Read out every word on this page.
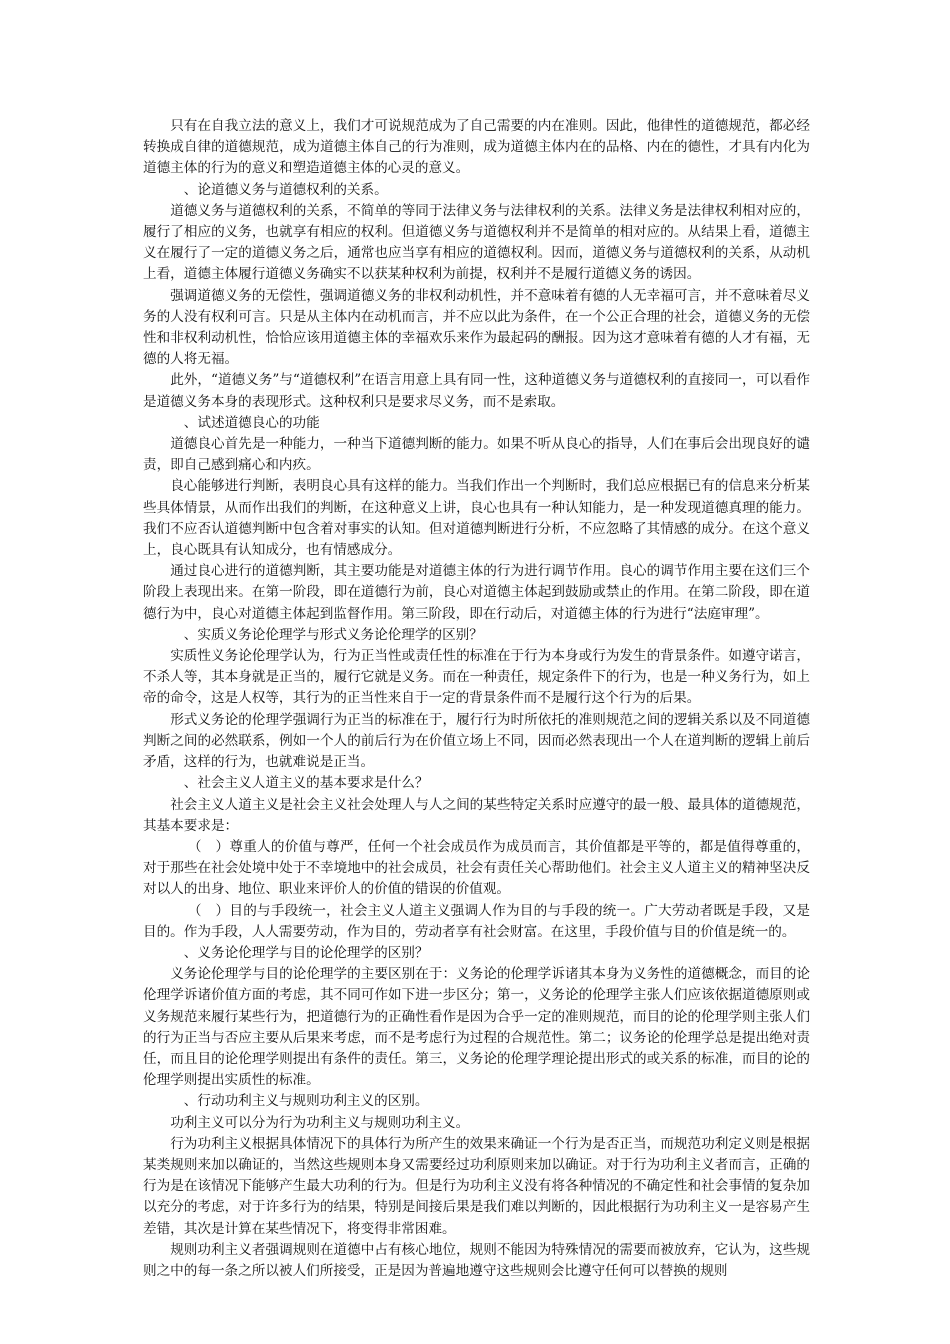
只有在自我立法的意义上，我们才可说规范成为了自己需要的内在准则。因此，他律性的道德规范，都必经转换成自律的道德规范，成为道德主体自己的行为准则，成为道德主体内在的品格、内在的德性，才具有内化为道德主体的行为的意义和塑造道德主体的心灵的意义。

、论道德义务与道德权利的关系。

道德义务与道德权利的关系，不简单的等同于法律义务与法律权利的关系。法律义务是法律权利相对应的，履行了相应的义务，也就享有相应的权利。但道德义务与道德权利并不是简单的相对应的。从结果上看，道德主义在履行了一定的道德义务之后，通常也应当享有相应的道德权利。因而，道德义务与道德权利的关系，从动机上看，道德主体履行道德义务确实不以获某种权利为前提，权利并不是履行道德义务的诱因。

强调道德义务的无偿性，强调道德义务的非权利动机性，并不意味着有德的人无幸福可言，并不意味着尽义务的人没有权利可言。只是从主体内在动机而言，并不应以此为条件，在一个公正合理的社会，道德义务的无偿性和非权利动机性，恰恰应该用道德主体的幸福欢乐来作为最起码的酬报。因为这才意味着有德的人才有福，无德的人将无福。

此外，“道德义务”与“道德权利”在语言用意上具有同一性，这种道德义务与道德权利的直接同一，可以看作是道德义务本身的表现形式。这种权利只是要求尽义务，而不是索取。

、试述道德良心的功能

道德良心首先是一种能力，一种当下道德判断的能力。如果不听从良心的指导，人们在事后会出现良好的谴责，即自己感到痛心和内疚。

良心能够进行判断，表明良心具有这样的能力。当我们作出一个判断时，我们总应根据已有的信息来分析某些具体情景，从而作出我们的判断，在这种意义上讲，良心也具有一种认知能力，是一种发现道德真理的能力。我们不应否认道德判断中包含着对事实的认知。但对道德判断进行分析，不应忽略了其情感的成分。在这个意义上，良心既具有认知成分，也有情感成分。

通过良心进行的道德判断，其主要功能是对道德主体的行为进行调节作用。良心的调节作用主要在这们三个阶段上表现出来。在第一阶段，即在道德行为前，良心对道德主体起到鼓励或禁止的作用。在第二阶段，即在道德行为中，良心对道德主体起到监督作用。第三阶段，即在行动后，对道德主体的行为进行“法庭审理”。

、实质义务论伦理学与形式义务论伦理学的区别？

实质性义务论伦理学认为，行为正当性或责任性的标准在于行为本身或行为发生的背景条件。如遵守诺言，不杀人等，其本身就是正当的，履行它就是义务。而在一种责任，规定条件下的行为，也是一种义务行为，如上帝的命令，这是人权等，其行为的正当性来自于一定的背景条件而不是履行这个行为的后果。

形式义务论的伦理学强调行为正当的标准在于，履行行为时所依托的准则规范之间的逻辑关系以及不同道德判断之间的必然联系，例如一个人的前后行为在价值立场上不同，因而必然表现出一个人在道判断的逻辑上前后矛盾，这样的行为，也就难说是正当。

、社会主义人道主义的基本要求是什么？

社会主义人道主义是社会主义社会处理人与人之间的某些特定关系时应遵守的最一般、最具体的道德规范，其基本要求是：

（　）尊重人的价值与尊严，任何一个社会成员作为成员而言，其价值都是平等的，都是值得尊重的，对于那些在社会处境中处于不幸境地中的社会成员，社会有责任关心帮助他们。社会主义人道主义的精神坚决反对以人的出身、地位、职业来评价人的价值的错误的价值观。

（　）目的与手段统一，社会主义人道主义强调人作为目的与手段的统一。广大劳动者既是手段，又是目的。作为手段，人人需要劳动，作为目的，劳动者享有社会财富。在这里，手段价值与目的价值是统一的。

、义务论伦理学与目的论伦理学的区别？

义务论伦理学与目的论伦理学的主要区别在于：义务论的伦理学诉诸其本身为义务性的道德概念，而目的论伦理学诉诸价值方面的考虑，其不同可作如下进一步区分；第一，义务论的伦理学主张人们应该依据道德原则或义务规范来履行某些行为，把道德行为的正确性看作是因为合乎一定的准则规范，而目的论的伦理学则主张人们的行为正当与否应主要从后果来考虑，而不是考虑行为过程的合规范性。第二；议务论的伦理学总是提出绝对责任，而且目的论伦理学则提出有条件的责任。第三，义务论的伦理学理论提出形式的或关系的标准，而目的论的伦理学则提出实质性的标准。

、行动功利主义与规则功利主义的区别。

功利主义可以分为行为功利主义与规则功利主义。

行为功利主义根据具体情况下的具体行为所产生的效果来确证一个行为是否正当，而规范功利定义则是根据某类规则来加以确证的，当然这些规则本身又需要经过功利原则来加以确证。对于行为功利主义者而言，正确的行为是在该情况下能够产生最大功利的行为。但是行为功利主义没有将各种情况的不确定性和社会事情的复杂加以充分的考虑，对于许多行为的结果，特别是间接后果是我们难以判断的，因此根据行为功利主义一是容易产生差错，其次是计算在某些情况下，将变得非常困难。

规则功利主义者强调规则在道德中占有核心地位，规则不能因为特殊情况的需要而被放弃，它认为，这些规则之中的每一条之所以被人们所接受，正是因为普遍地遵守这些规则会比遵守任何可以替换的规则
